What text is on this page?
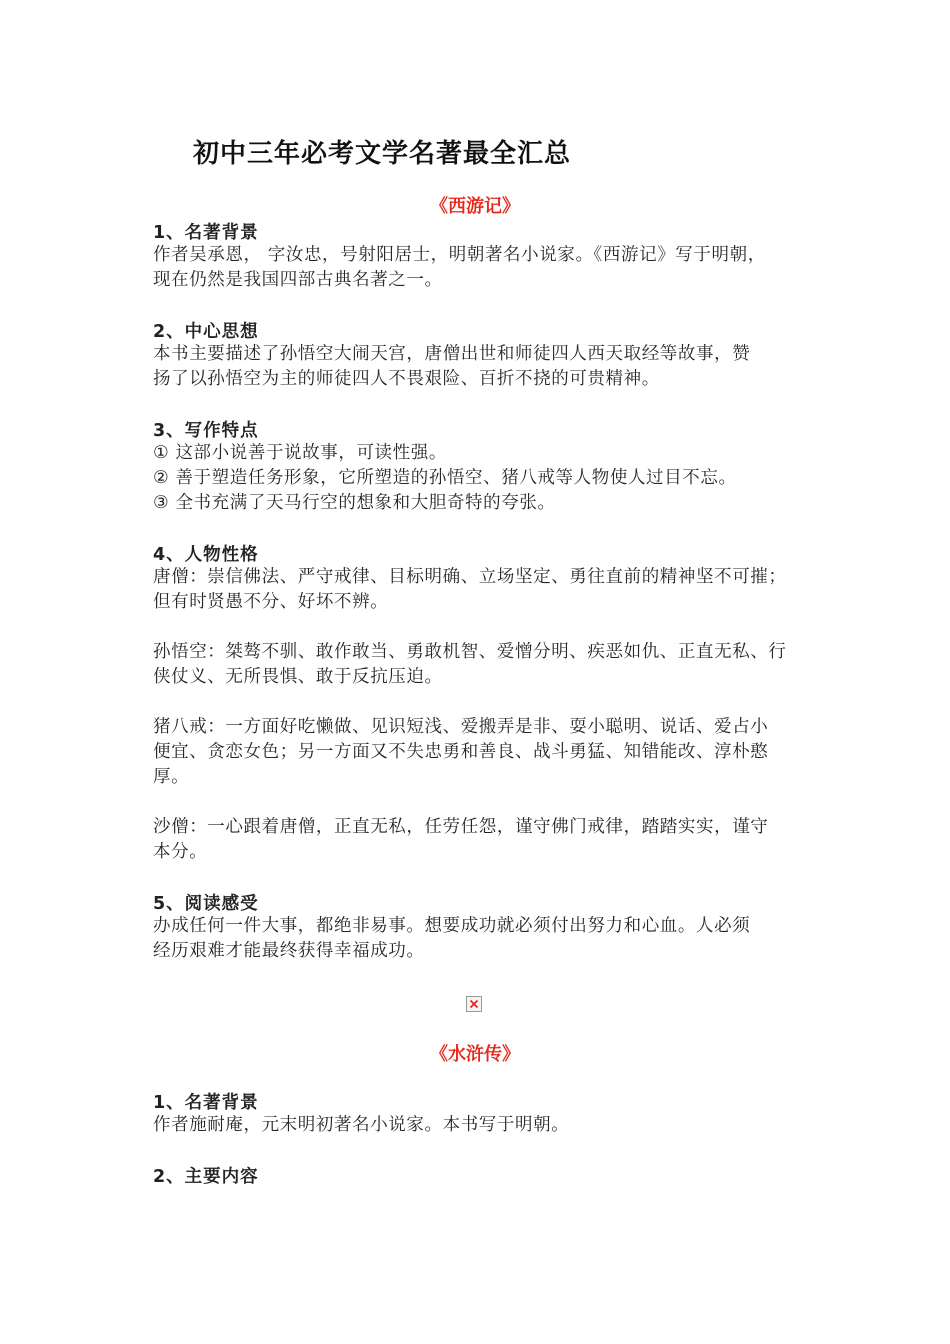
初中三年必考文学名著最全汇总
《西游记》
1、名著背景
作者吴承恩， 字汝忠，号射阳居士，明朝著名小说家。《西游记》写于明朝，
现在仍然是我国四部古典名著之一。
2、中心思想
本书主要描述了孙悟空大闹天宫，唐僧出世和师徒四人西天取经等故事，赞
扬了以孙悟空为主的师徒四人不畏艰险、百折不挠的可贵精神。
3、写作特点
① 这部小说善于说故事，可读性强。
② 善于塑造任务形象，它所塑造的孙悟空、猪八戒等人物使人过目不忘。
③ 全书充满了天马行空的想象和大胆奇特的夸张。
4、人物性格
唐僧：崇信佛法、严守戒律、目标明确、立场坚定、勇往直前的精神坚不可摧；
但有时贤愚不分、好坏不辨。
孙悟空：桀骜不驯、敢作敢当、勇敢机智、爱憎分明、疾恶如仇、正直无私、行
侠仗义、无所畏惧、敢于反抗压迫。
猪八戒：一方面好吃懒做、见识短浅、爱搬弄是非、耍小聪明、说话、爱占小
便宜、贪恋女色；另一方面又不失忠勇和善良、战斗勇猛、知错能改、淳朴憨
厚。
沙僧：一心跟着唐僧，正直无私，任劳任怨，谨守佛门戒律，踏踏实实，谨守
本分。
5、阅读感受
办成任何一件大事，都绝非易事。想要成功就必须付出努力和心血。人必须
经历艰难才能最终获得幸福成功。
《水浒传》
1、名著背景
作者施耐庵，元末明初著名小说家。本书写于明朝。
2、主要内容
